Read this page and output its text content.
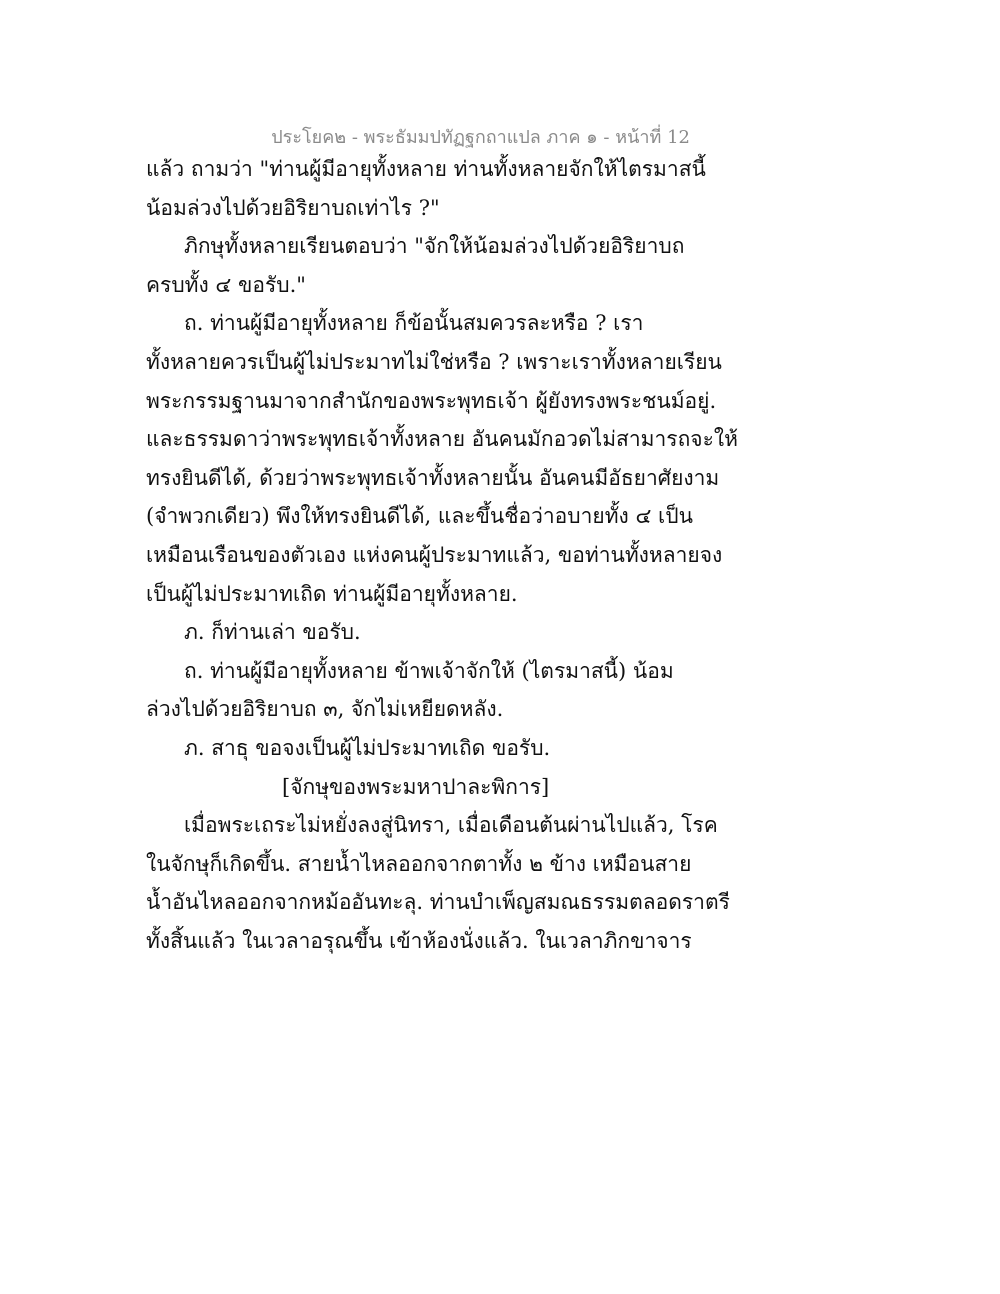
ประโยค๒ - พระธัมมปทัฏฐกถาแปล ภาค ๑ - หน้าที่ 12
แล้ว ถามว่า "ท่านผู้มีอายุทั้งหลาย ท่านทั้งหลายจักให้ไตรมาสนี้
น้อมล่วงไปด้วยอิริยาบถเท่าไร ?"
ภิกษุทั้งหลายเรียนตอบว่า "จักให้น้อมล่วงไปด้วยอิริยาบถ
ครบทั้ง ๔ ขอรับ."
ถ. ท่านผู้มีอายุทั้งหลาย ก็ข้อนั้นสมควรละหรือ ? เรา
ทั้งหลายควรเป็นผู้ไม่ประมาทไม่ใช่หรือ ? เพราะเราทั้งหลายเรียน
พระกรรมฐานมาจากสำนักของพระพุทธเจ้า ผู้ยังทรงพระชนม์อยู่.
และธรรมดาว่าพระพุทธเจ้าทั้งหลาย อันคนมักอวดไม่สามารถจะให้
ทรงยินดีได้, ด้วยว่าพระพุทธเจ้าทั้งหลายนั้น อันคนมีอัธยาศัยงาม
(จำพวกเดียว) พึงให้ทรงยินดีได้, และขึ้นชื่อว่าอบายทั้ง ๔ เป็น
เหมือนเรือนของตัวเอง แห่งคนผู้ประมาทแล้ว, ขอท่านทั้งหลายจง
เป็นผู้ไม่ประมาทเถิด ท่านผู้มีอายุทั้งหลาย.
ภ. ก็ท่านเล่า ขอรับ.
ถ. ท่านผู้มีอายุทั้งหลาย ข้าพเจ้าจักให้ (ไตรมาสนี้) น้อม
ล่วงไปด้วยอิริยาบถ ๓, จักไม่เหยียดหลัง.
ภ. สาธุ ขอจงเป็นผู้ไม่ประมาทเถิด ขอรับ.
[จักษุของพระมหาปาละพิการ]
เมื่อพระเถระไม่หยั่งลงสู่นิทรา, เมื่อเดือนต้นผ่านไปแล้ว, โรค
ในจักษุก็เกิดขึ้น. สายน้ำไหลออกจากตาทั้ง ๒ ข้าง เหมือนสาย
น้ำอันไหลออกจากหม้ออันทะลุ. ท่านบำเพ็ญสมณธรรมตลอดราตรี
ทั้งสิ้นแล้ว ในเวลาอรุณขึ้น เข้าห้องนั่งแล้ว. ในเวลาภิกขาจาร
